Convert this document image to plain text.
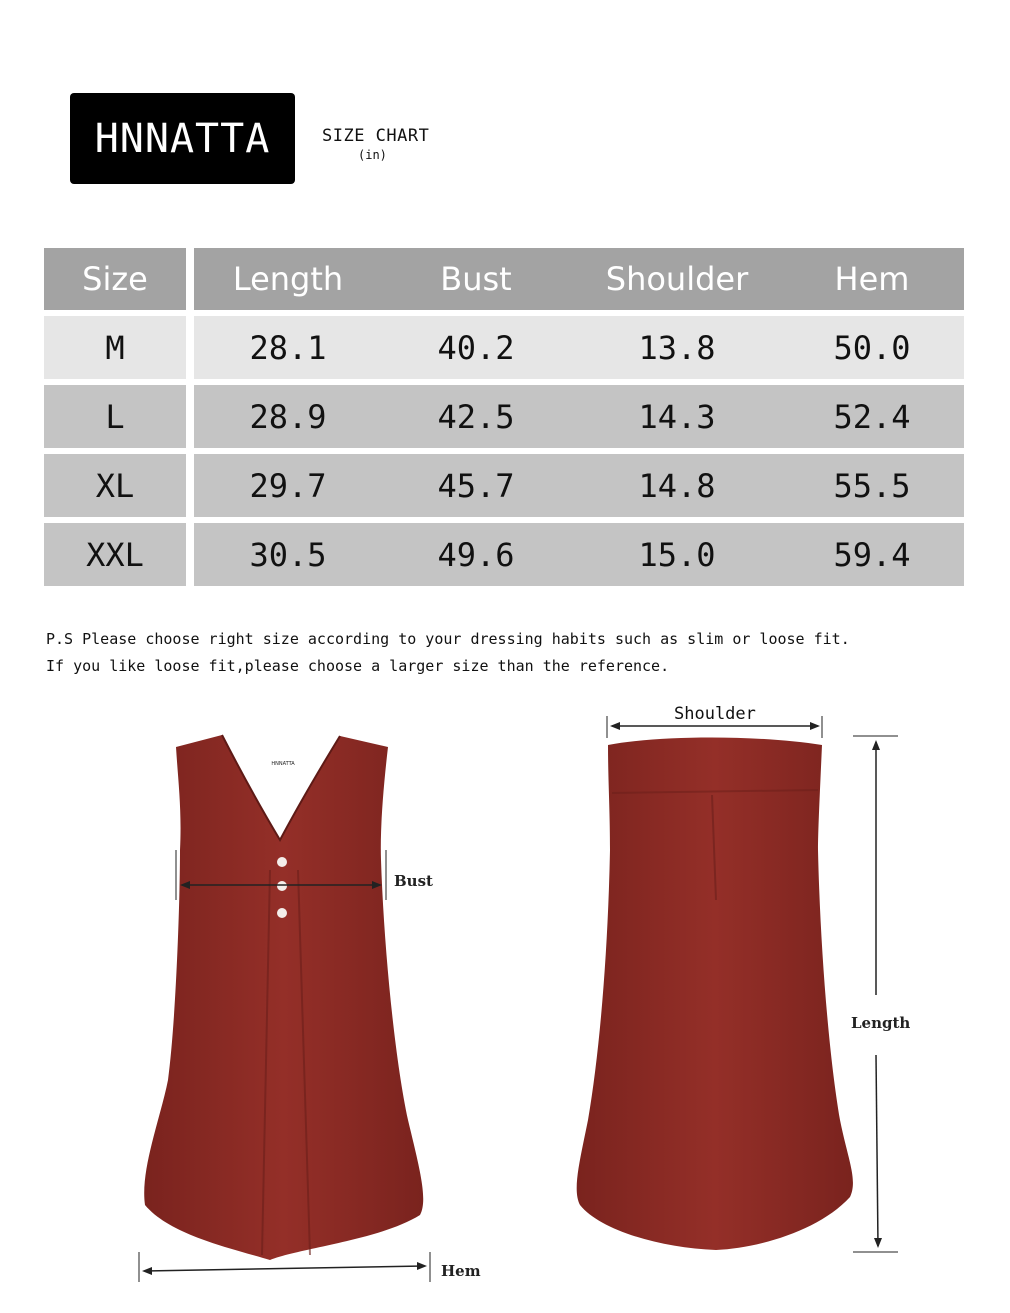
HNNATTA	SIZE CHART
(in)
Size	Length	Bust	Shoulder	Hem
M	28.1	40.2	13.8	50.0
L	28.9	42.5	14.3	52.4
XL	29.7	45.7	14.8	55.5
XXL	30.5	49.6	15.0	59.4
P.S Please choose right size according to your dressing habits such as slim or loose fit.
If you like loose fit,please choose a larger size than the reference.
HNNATTA
Bust
Hem
Length
Shoulder
